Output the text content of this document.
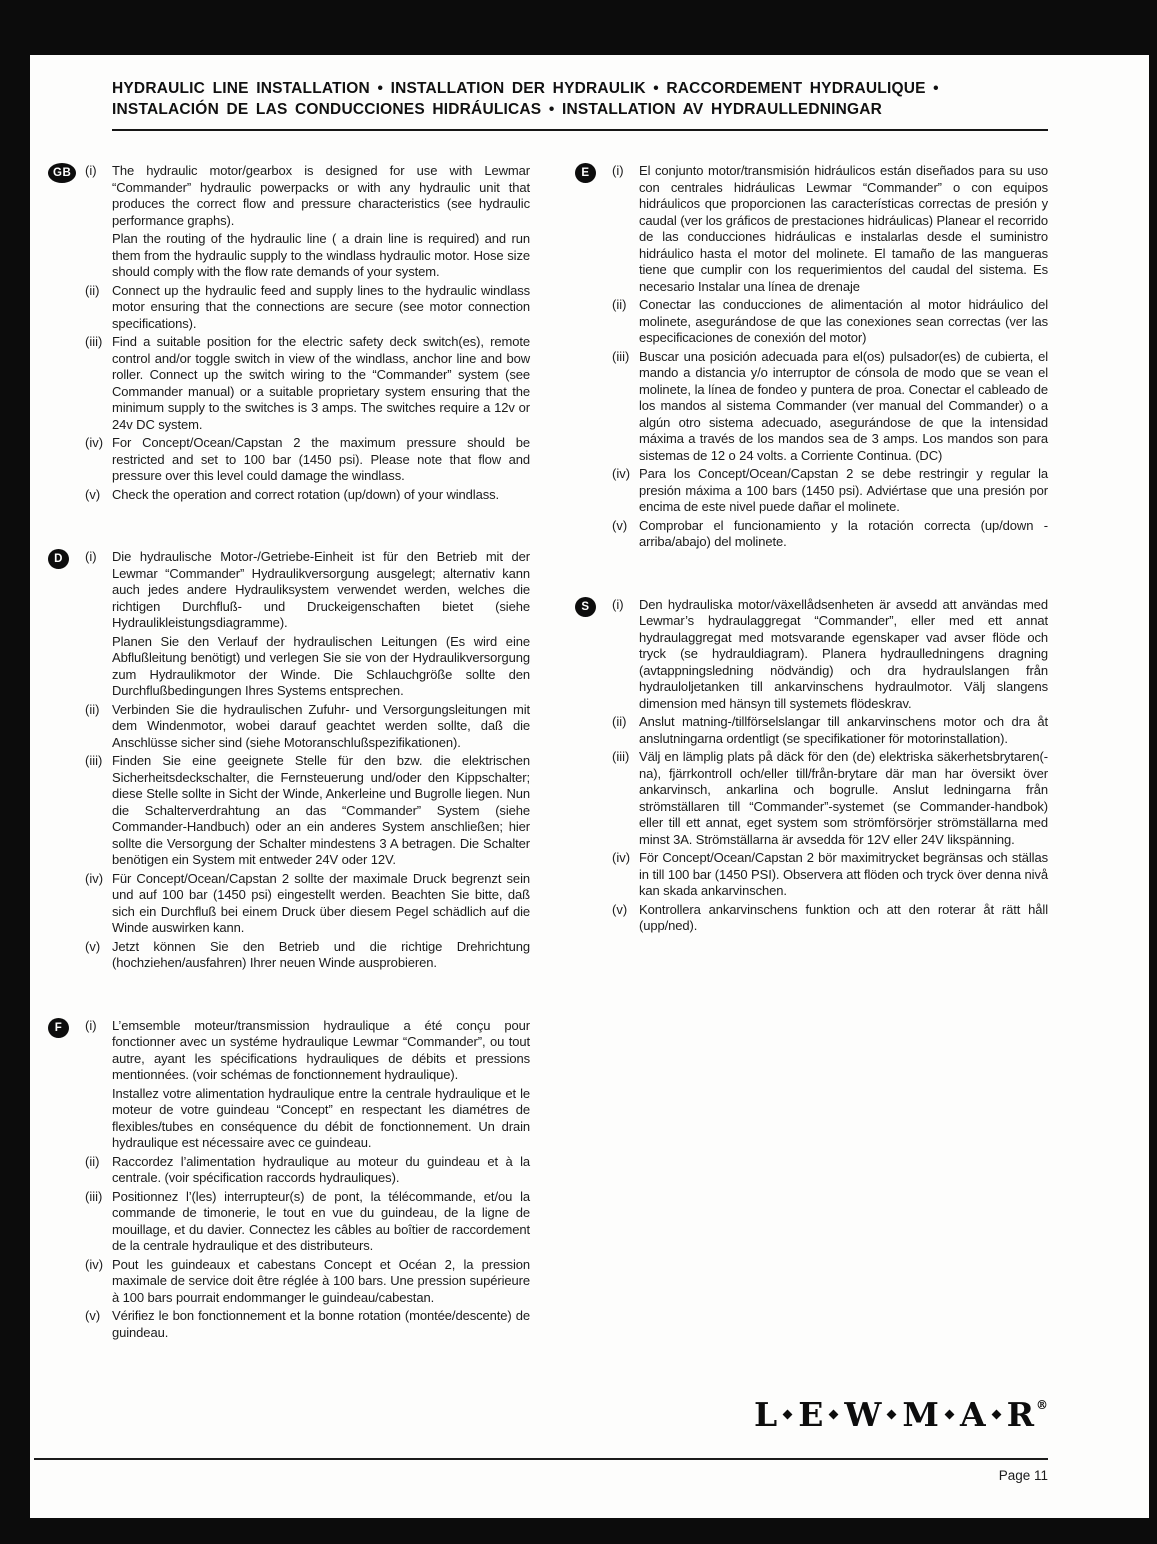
HYDRAULIC LINE INSTALLATION • INSTALLATION DER HYDRAULIK • RACCORDEMENT HYDRAULIQUE •
INSTALACIÓN DE LAS CONDUCCIONES HIDRÁULICAS • INSTALLATION AV HYDRAULLEDNINGAR
GB	(i)	The hydraulic motor/gearbox is designed for use with Lewmar “Commander” hydraulic powerpacks or with any hydraulic unit that produces the correct flow and pressure characteristics (see hydraulic performance graphs).

Plan the routing of the hydraulic line ( a drain line is required) and run them from the hydraulic supply to the windlass hydraulic motor. Hose size should comply with the flow rate demands of your system.

(ii) Connect up the hydraulic feed and supply lines to the hydraulic windlass motor ensuring that the connections are secure (see motor connection specifications).

(iii) Find a suitable position for the electric safety deck switch(es), remote control and/or toggle switch in view of the windlass, anchor line and bow roller. Connect up the switch wiring to the “Commander” system (see Commander manual) or a suitable proprietary system ensuring that the minimum supply to the switches is 3 amps. The switches require a 12v or 24v DC system.

(iv) For Concept/Ocean/Capstan 2 the maximum pressure should be restricted and set to 100 bar (1450 psi). Please note that flow and pressure over this level could damage the windlass.

(v) Check the operation and correct rotation (up/down) of your windlass.

D	(i)	Die hydraulische Motor-/Getriebe-Einheit ist für den Betrieb mit der Lewmar “Commander” Hydraulikversorgung ausgelegt; alternativ kann auch jedes andere Hydrauliksystem verwendet werden, welches die richtigen Durchfluß- und Druckeigenschaften bietet (siehe Hydraulikleistungsdiagramme).

Planen Sie den Verlauf der hydraulischen Leitungen (Es wird eine Abflußleitung benötigt) und verlegen Sie sie von der Hydraulikversorgung zum Hydraulikmotor der Winde. Die Schlauchgröße sollte den Durchflußbedingungen Ihres Systems entsprechen.

(ii) Verbinden Sie die hydraulischen Zufuhr- und Versorgungsleitungen mit dem Windenmotor, wobei darauf geachtet werden sollte, daß die Anschlüsse sicher sind (siehe Motoranschlußspezifikationen).

(iii) Finden Sie eine geeignete Stelle für den bzw. die elektrischen Sicherheitsdeckschalter, die Fernsteuerung und/oder den Kippschalter; diese Stelle sollte in Sicht der Winde, Ankerleine und Bugrolle liegen. Nun die Schalterverdrahtung an das “Commander” System (siehe Commander-Handbuch) oder an ein anderes System anschließen; hier sollte die Versorgung der Schalter mindestens 3 A betragen. Die Schalter benötigen ein System mit entweder 24V oder 12V.

(iv) Für Concept/Ocean/Capstan 2 sollte der maximale Druck begrenzt sein und auf 100 bar (1450 psi) eingestellt werden. Beachten Sie bitte, daß sich ein Durchfluß bei einem Druck über diesem Pegel schädlich auf die Winde auswirken kann.

(v) Jetzt können Sie den Betrieb und die richtige Drehrichtung (hochziehen/ausfahren) Ihrer neuen Winde ausprobieren.

F	(i)	L’emsemble moteur/transmission hydraulique a été conçu pour fonctionner avec un systéme hydraulique Lewmar “Commander”, ou tout autre, ayant les spécifications hydrauliques de débits et pressions mentionnées. (voir schémas de fonctionnement hydraulique).

Installez votre alimentation hydraulique entre la centrale hydraulique et le moteur de votre guindeau “Concept” en respectant les diamétres de flexibles/tubes en conséquence du débit de fonctionnement. Un drain hydraulique est nécessaire avec ce guindeau.

(ii) Raccordez l’alimentation hydraulique au moteur du guindeau et à la centrale. (voir spécification raccords hydrauliques).

(iii) Positionnez l’(les) interrupteur(s) de pont, la télécommande, et/ou la commande de timonerie, le tout en vue du guindeau, de la ligne de mouillage, et du davier. Connectez les câbles au boîtier de raccordement de la centrale hydraulique et des distributeurs.

(iv) Pout les guindeaux et cabestans Concept et Océan 2, la pression maximale de service doit être réglée à 100 bars. Une pression supérieure à 100 bars pourrait endommanger le guindeau/cabestan.

(v) Vérifiez le bon fonctionnement et la bonne rotation (montée/descente) de guindeau.

E	(i)	El conjunto motor/transmisión hidráulicos están diseñados para su uso con centrales hidráulicas Lewmar “Commander” o con equipos hidráulicos que proporcionen las características correctas de presión y caudal (ver los gráficos de prestaciones hidráulicas) Planear el recorrido de las conducciones hidráulicas e instalarlas desde el suministro hidráulico hasta el motor del molinete. El tamaño de las mangueras tiene que cumplir con los requerimientos del caudal del sistema. Es necesario Instalar una línea de drenaje

(ii) Conectar las conducciones de alimentación al motor hidráulico del molinete, asegurándose de que las conexiones sean correctas (ver las especificaciones de conexión del motor)

(iii) Buscar una posición adecuada para el(os) pulsador(es) de cubierta, el mando a distancia y/o interruptor de cónsola de modo que se vean el molinete, la línea de fondeo y puntera de proa. Conectar el cableado de los mandos al sistema Commander (ver manual del Commander) o a algún otro sistema adecuado, asegurándose de que la intensidad máxima a través de los mandos sea de 3 amps. Los mandos son para sistemas de 12 o 24 volts. a Corriente Continua. (DC)

(iv) Para los Concept/Ocean/Capstan 2 se debe restringir y regular la presión máxima a 100 bars (1450 psi). Adviértase que una presión por encima de este nivel puede dañar el molinete.

(v) Comprobar el funcionamiento y la rotación correcta (up/down - arriba/abajo) del molinete.

S	(i)	Den hydrauliska motor/växellådsenheten är avsedd att användas med Lewmar’s hydraulaggregat “Commander”, eller med ett annat hydraulaggregat med motsvarande egenskaper vad avser flöde och tryck (se hydrauldiagram). Planera hydraulledningens dragning (avtappningsledning nödvändig) och dra hydraulslangen från hydrauloljetanken till ankarvinschens hydraulmotor. Välj slangens dimension med hänsyn till systemets flödeskrav.

(ii) Anslut matning-/tillförselslangar till ankarvinschens motor och dra åt anslutningarna ordentligt (se specifikationer för motorinstallation).

(iii) Välj en lämplig plats på däck för den (de) elektriska säkerhetsbrytaren(-na), fjärrkontroll och/eller till/från-brytare där man har översikt över ankarvinsch, ankarlina och bogrulle. Anslut ledningarna från strömställaren till “Commander”-systemet (se Commander-handbok) eller till ett annat, eget system som strömförsörjer strömställarna med minst 3A. Strömställarna är avsedda för 12V eller 24V likspänning.

(iv) För Concept/Ocean/Capstan 2 bör maximitrycket begränsas och ställas in till 100 bar (1450 PSI). Observera att flöden och tryck över denna nivå kan skada ankarvinschen.

(v) Kontrollera ankarvinschens funktion och att den roterar åt rätt håll (upp/ned).

L E W M A R ®
Page 11
